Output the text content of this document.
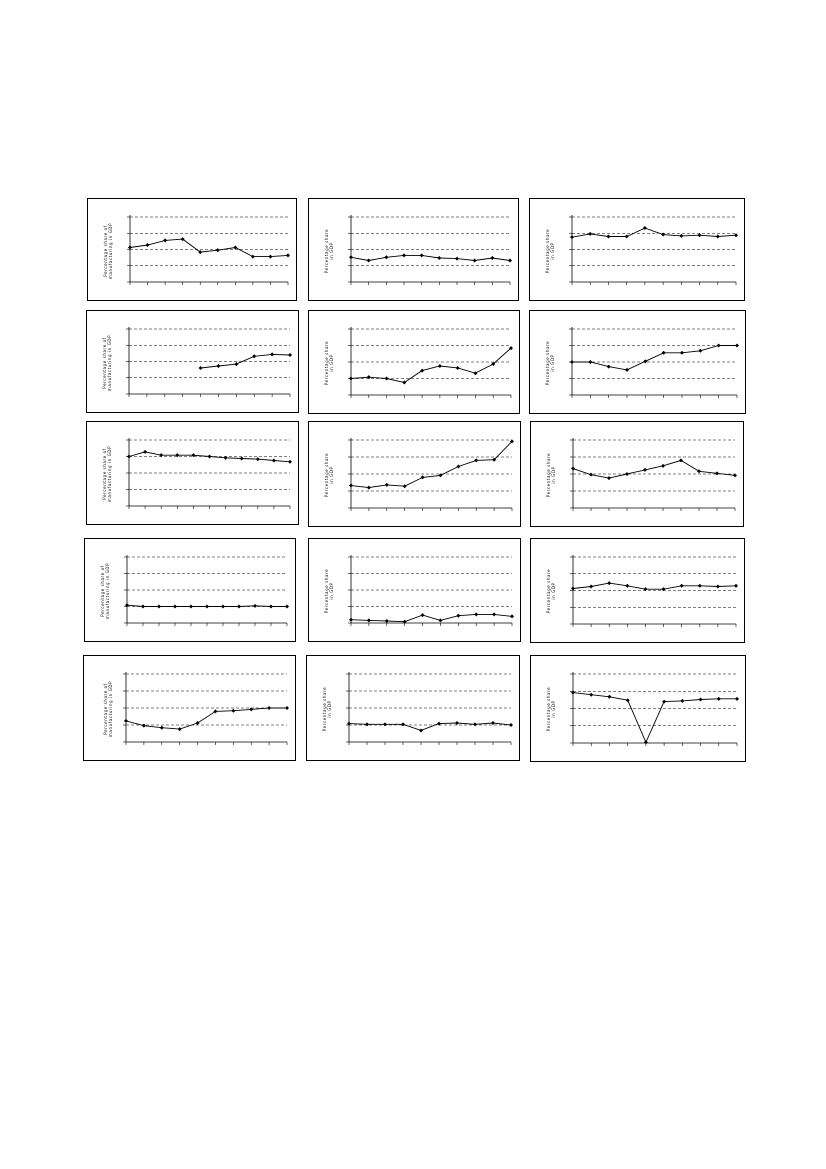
Percentage share of
manufacturing in GDP
Percentage share
in GDP	Percentage share
in GDP
Percentage share of
manufacturing in GDP
Percentage share
in GDP	Percentage share
in GDP
Percentage share of
manufacturing in GDP
Percentage share
in GDP	Percentage share
in GDP
Percentage share of
manufacturing in GDP
Percentage share
in GDP	Percentage share
in GDP
Percentage share of
manufacturing in GDP
Percentage share
in GDP	Percentage share
in GDP
